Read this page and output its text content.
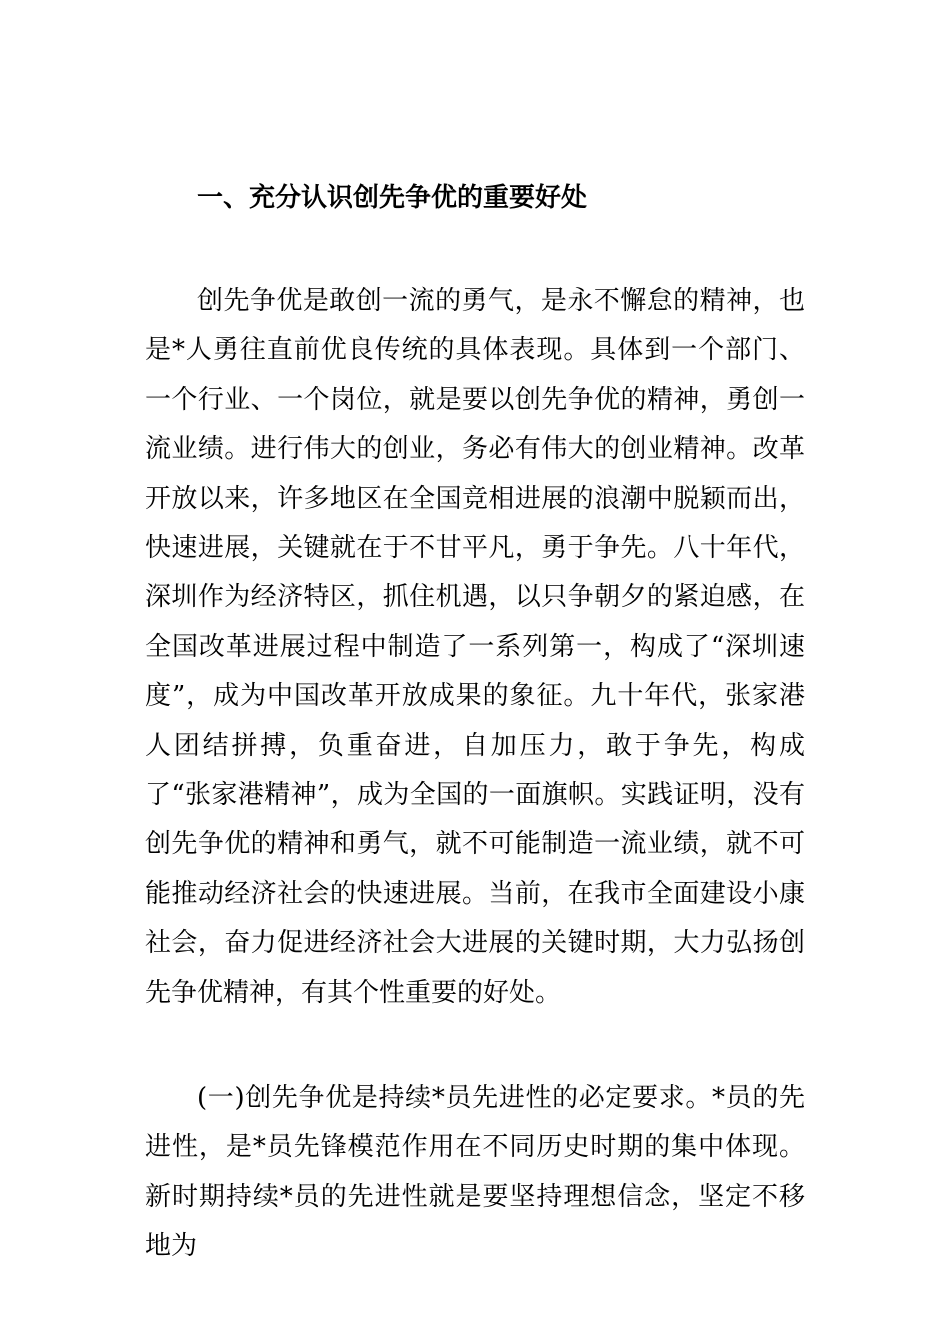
一、充分认识创先争优的重要好处

创先争优是敢创一流的勇气，是永不懈怠的精神，也是*人勇往直前优良传统的具体表现。具体到一个部门、一个行业、一个岗位，就是要以创先争优的精神，勇创一流业绩。进行伟大的创业，务必有伟大的创业精神。改革开放以来，许多地区在全国竞相进展的浪潮中脱颖而出，快速进展，关键就在于不甘平凡，勇于争先。八十年代，深圳作为经济特区，抓住机遇，以只争朝夕的紧迫感，在全国改革进展过程中制造了一系列第一，构成了“深圳速度”，成为中国改革开放成果的象征。九十年代，张家港人团结拼搏，负重奋进，自加压力，敢于争先，构成了“张家港精神”，成为全国的一面旗帜。实践证明，没有创先争优的精神和勇气，就不可能制造一流业绩，就不可能推动经济社会的快速进展。当前，在我市全面建设小康社会，奋力促进经济社会大进展的关键时期，大力弘扬创先争优精神，有其个性重要的好处。

(一)创先争优是持续*员先进性的必定要求。*员的先进性，是*员先锋模范作用在不同历史时期的集中体现。新时期持续*员的先进性就是要坚持理想信念，坚定不移地为
